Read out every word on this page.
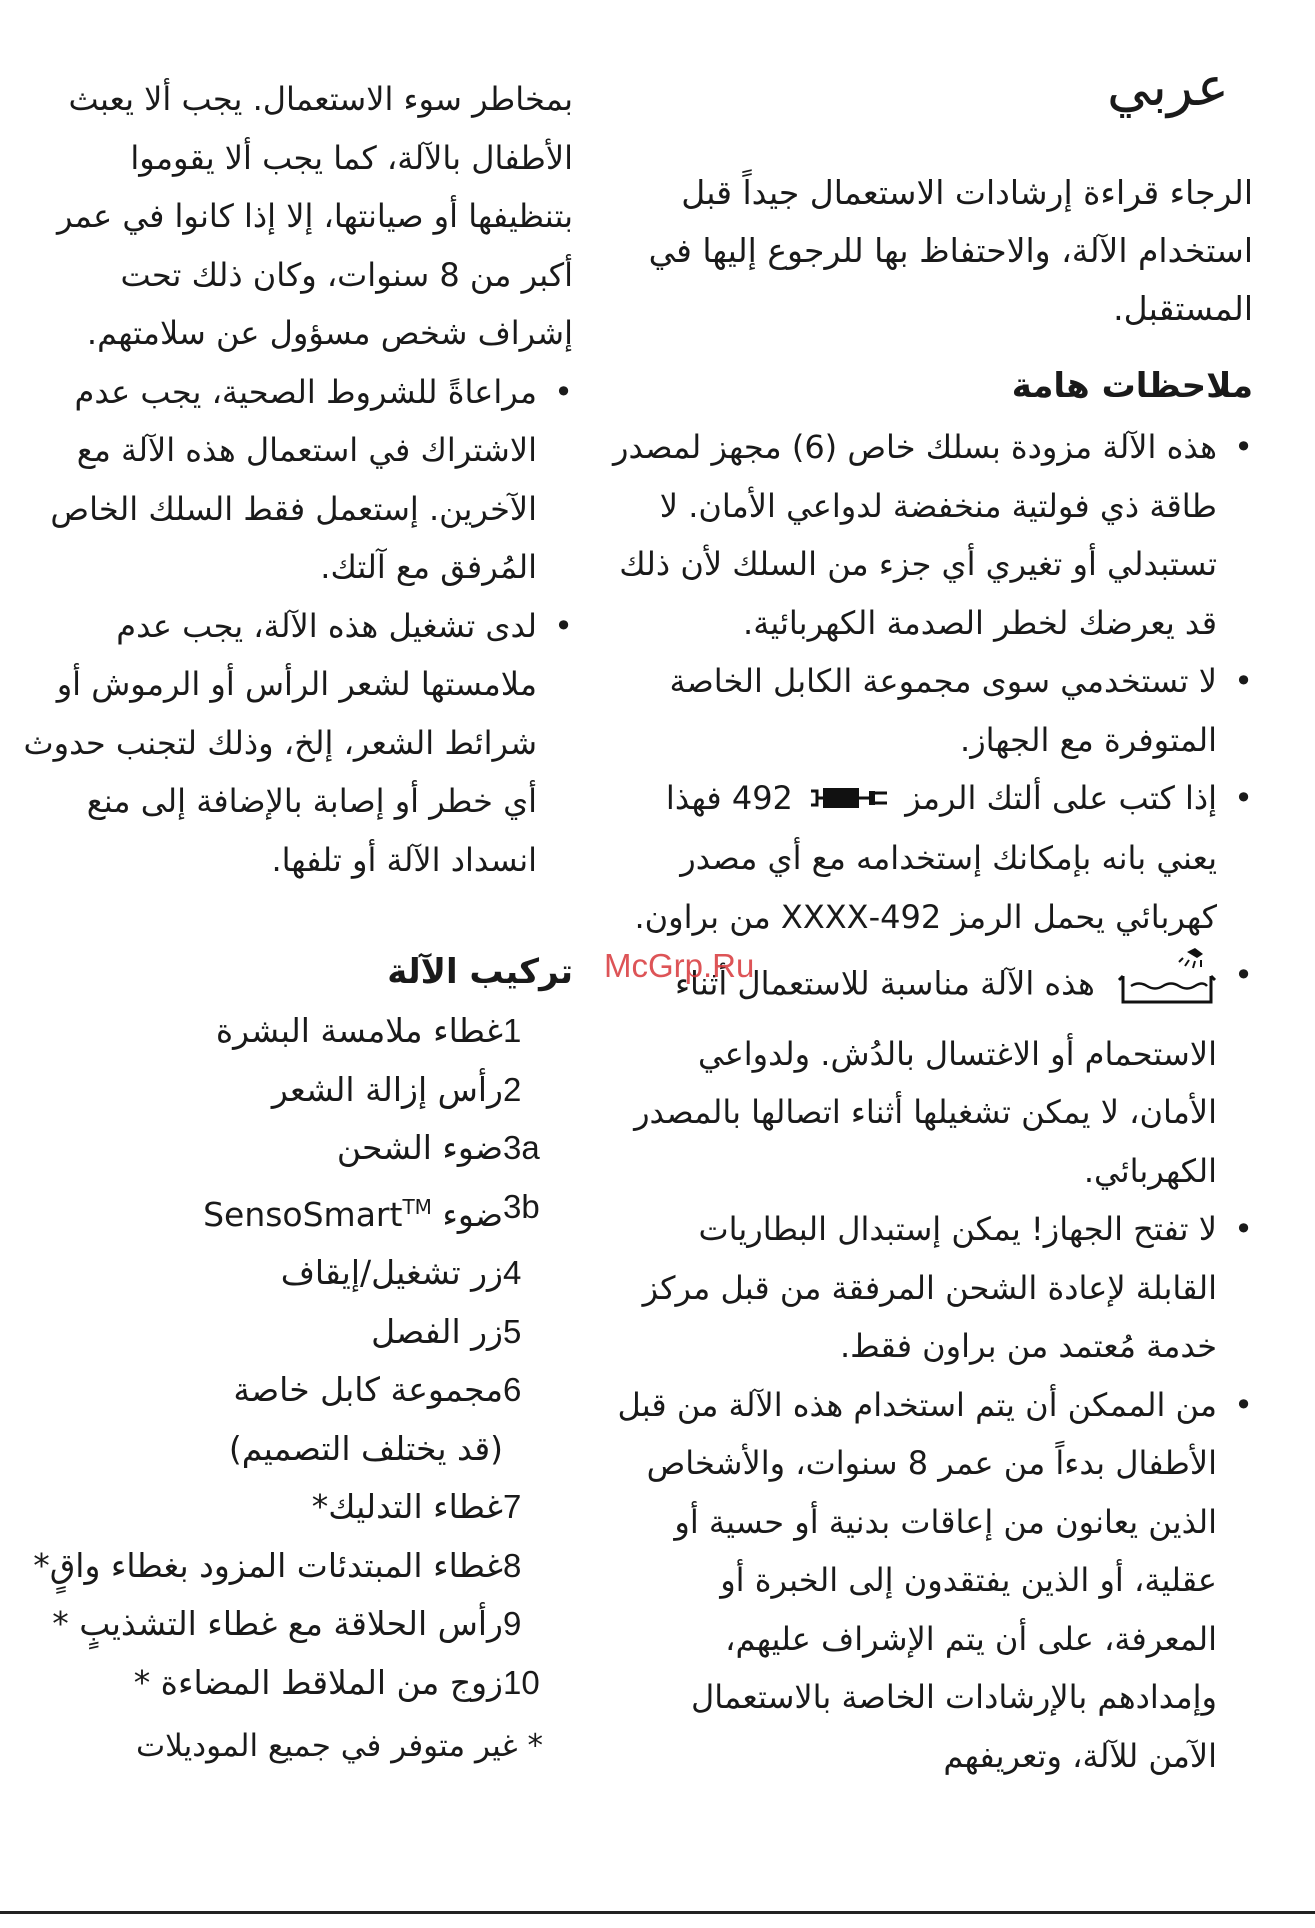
عربي

الرجاء قراءة إرشادات الاستعمال جيداً قبل استخدام الآلة، والاحتفاظ بها للرجوع إليها في المستقبل.

ملاحظات هامة
• هذه الآلة مزودة بسلك خاص (6) مجهز لمصدر طاقة ذي فولتية منخفضة لدواعي الأمان. لا تستبدلي أو تغيري أي جزء من السلك لأن ذلك قد يعرضك لخطر الصدمة الكهربائية.
• لا تستخدمي سوى مجموعة الكابل الخاصة المتوفرة مع الجهاز.
• إذا كتب على ألتك الرمز  492 فهذا يعني بانه بإمكانك إستخدامه مع أي مصدر كهربائي يحمل الرمز 492-XXXX من براون.
• هذه الآلة مناسبة للاستعمال أثناء الاستحمام أو الاغتسال بالدُش. ولدواعي الأمان، لا يمكن تشغيلها أثناء اتصالها بالمصدر الكهربائي.
• لا تفتح الجهاز! يمكن إستبدال البطاريات القابلة لإعادة الشحن المرفقة من قبل مركز خدمة مُعتمد من براون فقط.
• من الممكن أن يتم استخدام هذه الآلة من قبل الأطفال بدءاً من عمر 8 سنوات، والأشخاص الذين يعانون من إعاقات بدنية أو حسية أو عقلية، أو الذين يفتقدون إلى الخبرة أو المعرفة، على أن يتم الإشراف عليهم، وإمدادهم بالإرشادات الخاصة بالاستعمال الآمن للآلة، وتعريفهم

بمخاطر سوء الاستعمال. يجب ألا يعبث الأطفال بالآلة، كما يجب ألا يقوموا بتنظيفها أو صيانتها، إلا إذا كانوا في عمر أكبر من 8 سنوات، وكان ذلك تحت إشراف شخص مسؤول عن سلامتهم.

• مراعاةً للشروط الصحية، يجب عدم الاشتراك في استعمال هذه الآلة مع الآخرين. إستعمل فقط السلك الخاص المُرفق مع آلتك.
• لدى تشغيل هذه الآلة، يجب عدم ملامستها لشعر الرأس أو الرموش أو شرائط الشعر، إلخ، وذلك لتجنب حدوث أي خطر أو إصابة بالإضافة إلى منع انسداد الآلة أو تلفها.
تركيب الآلة
1
غطاء ملامسة البشرة
2
رأس إزالة الشعر
3a
ضوء الشحن
3b
ضوء SensoSmart™
4
زر تشغيل/إيقاف
5
زر الفصل
6
مجموعة كابل خاصة
(قد يختلف التصميم)
7
غطاء التدليك*
8
غطاء المبتدئات المزود بغطاء واقٍ*
9
رأس الحلاقة مع غطاء التشذيبٍ *
10
زوج من الملاقط المضاءة *

* غير متوفر في جميع الموديلات

McGrp.Ru
